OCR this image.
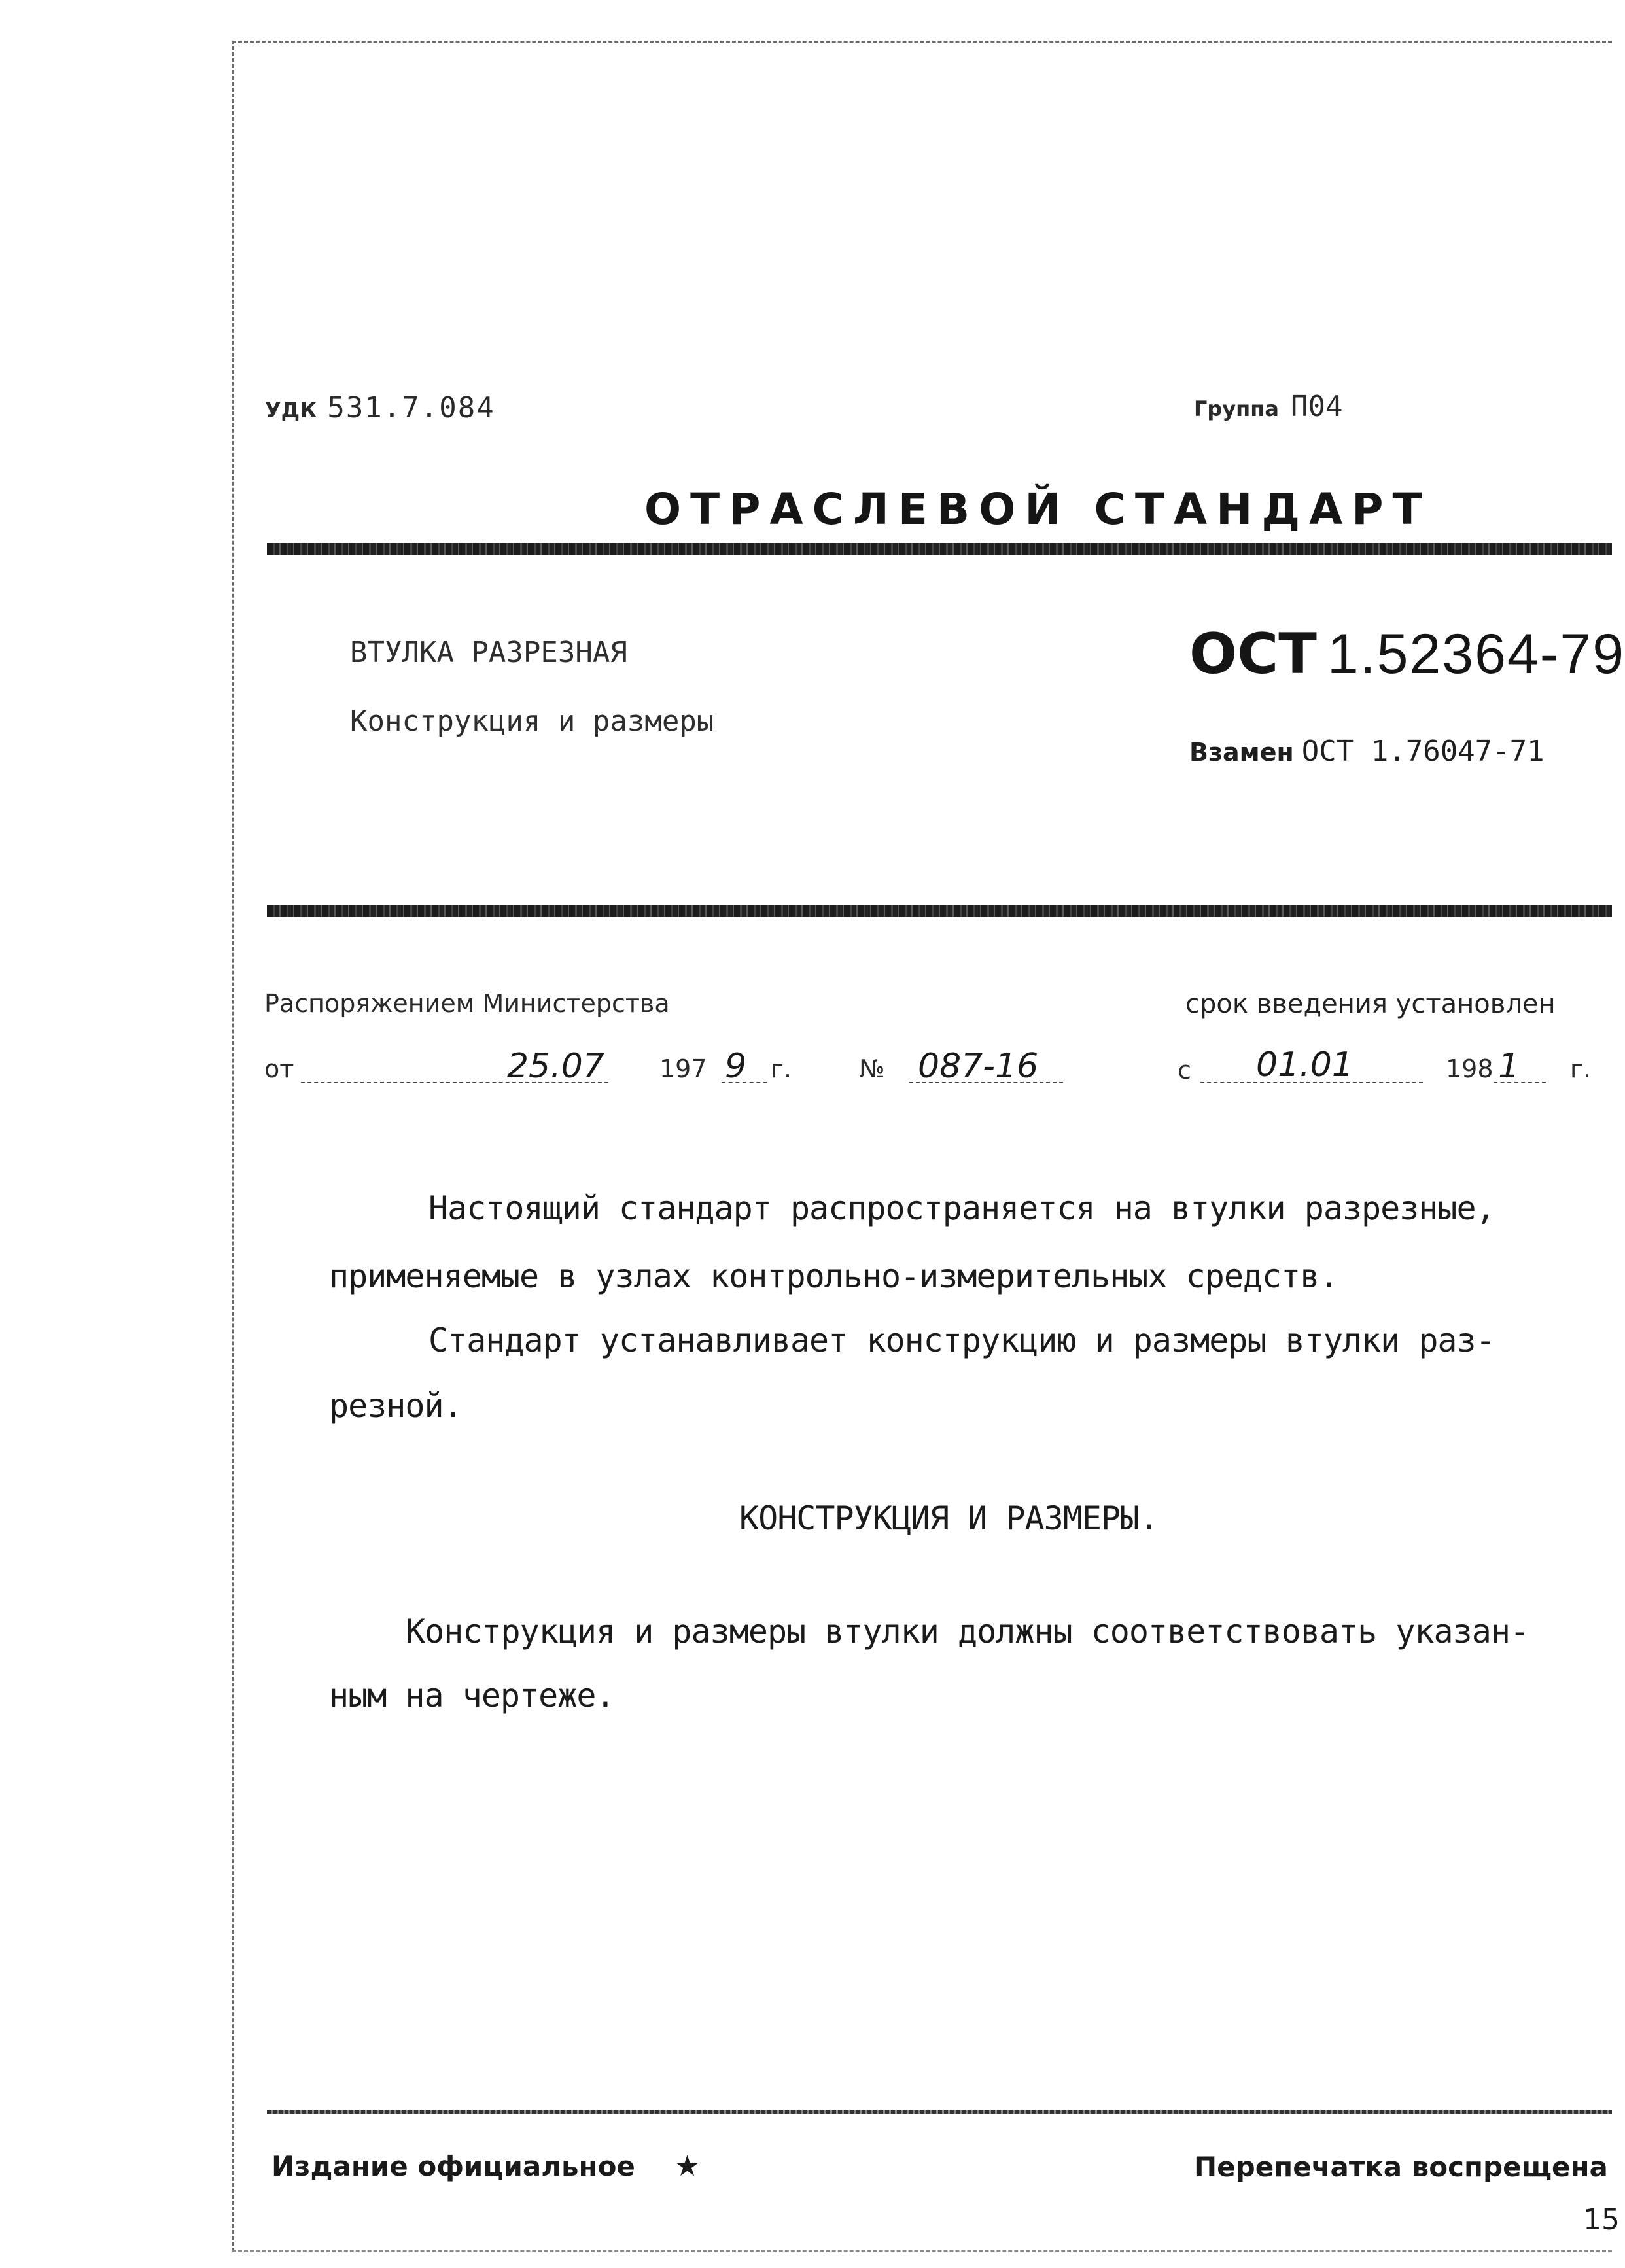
УДК 531.7.084	Группа П04
ОТРАСЛЕВОЙ СТАНДАРТ
ВТУЛКА РАЗРЕЗНАЯ
Конструкция и размеры
ОСТ 1.52364-79
Взамен ОСТ 1.76047-71
Распоряжением Министерства	срок введения установлен
от	25.07 197 9 г.	№ 087-16	с 01.01	198 1 г.
Настоящий стандарт распространяется на втулки разрезные,
применяемые в узлах контрольно-измерительных средств.
Стандарт устанавливает конструкцию и размеры втулки раз-
резной.
КОНСТРУКЦИЯ И РАЗМЕРЫ.
Конструкция и размеры втулки должны соответствовать указан-
ным на чертеже.
Издание официальное ★	Перепечатка воспрещена
15
